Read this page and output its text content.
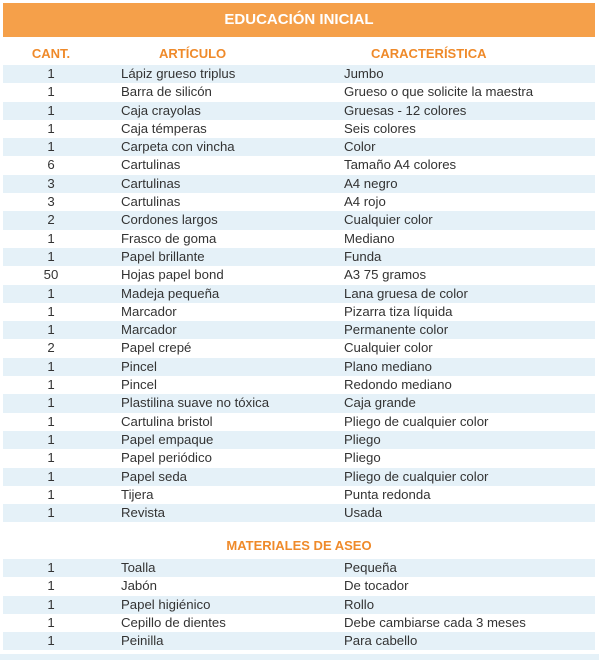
EDUCACIÓN INICIAL
CANT.	ARTÍCULO	CARACTERÍSTICA
1	Lápiz grueso triplus	Jumbo
1	Barra de silicón	Grueso o que solicite la maestra
1	Caja crayolas	Gruesas - 12 colores
1	Caja témperas	Seis colores
1	Carpeta con vincha	Color
6	Cartulinas	Tamaño A4 colores
3	Cartulinas	A4 negro
3	Cartulinas	A4 rojo
2	Cordones largos	Cualquier color
1	Frasco de goma	Mediano
1	Papel brillante	Funda
50	Hojas papel bond	A3 75 gramos
1	Madeja pequeña	Lana gruesa de color
1	Marcador	Pizarra tiza líquida
1	Marcador	Permanente color
2	Papel crepé	Cualquier color
1	Pincel	Plano mediano
1	Pincel	Redondo mediano
1	Plastilina suave no tóxica	Caja grande
1	Cartulina bristol	Pliego de cualquier color
1	Papel empaque	Pliego
1	Papel periódico	Pliego
1	Papel seda	Pliego de cualquier color
1	Tijera	Punta redonda
1	Revista	Usada
MATERIALES DE ASEO
1	Toalla	Pequeña
1	Jabón	De tocador
1	Papel higiénico	Rollo
1	Cepillo de dientes	Debe cambiarse cada 3 meses
1	Peinilla	Para cabello
